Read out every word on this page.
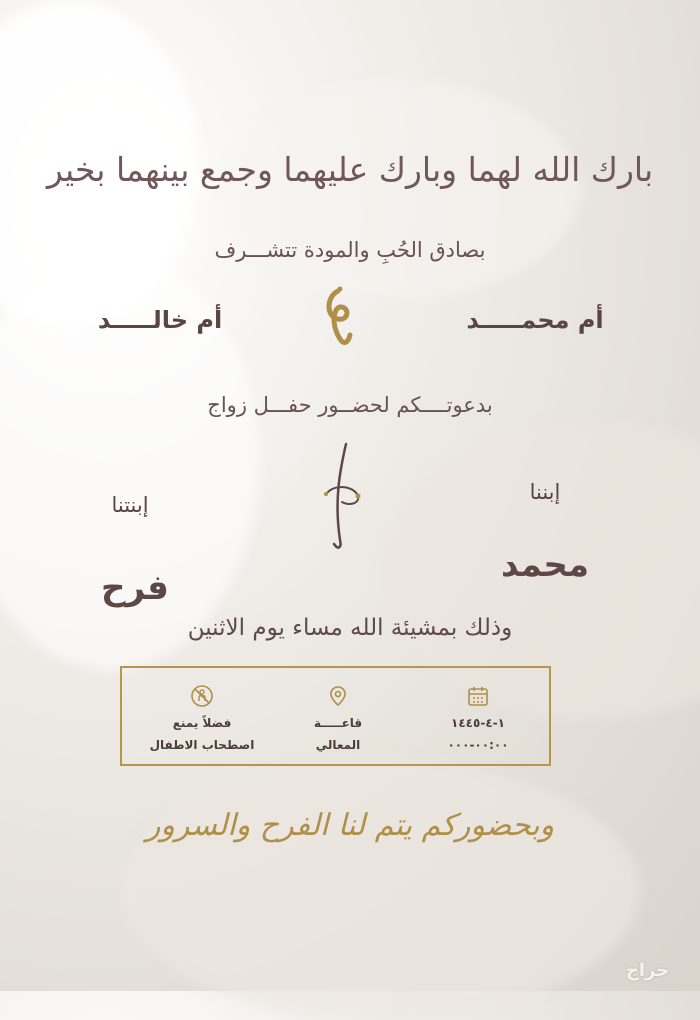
بارك الله لهما وبارك عليهما وجمع بينهما بخير
بصادق الحُبِ والمودة تتشـــرف
أم محمـــــد
أم خالـــــد
بدعوتــــكم لحضــور حفـــل زواج
إبننا
إبنتنا
محمد
فرح
وذلك بمشيئة الله مساء يوم الاثنين
١-٤-١٤٤٥
٠٠:٠٠-٠٠٠
قاعـــــة
المعالي
فضلاً يمنع
اصطحاب الاطفال
وبحضوركم يتم لنا الفرح والسرور
حراج
